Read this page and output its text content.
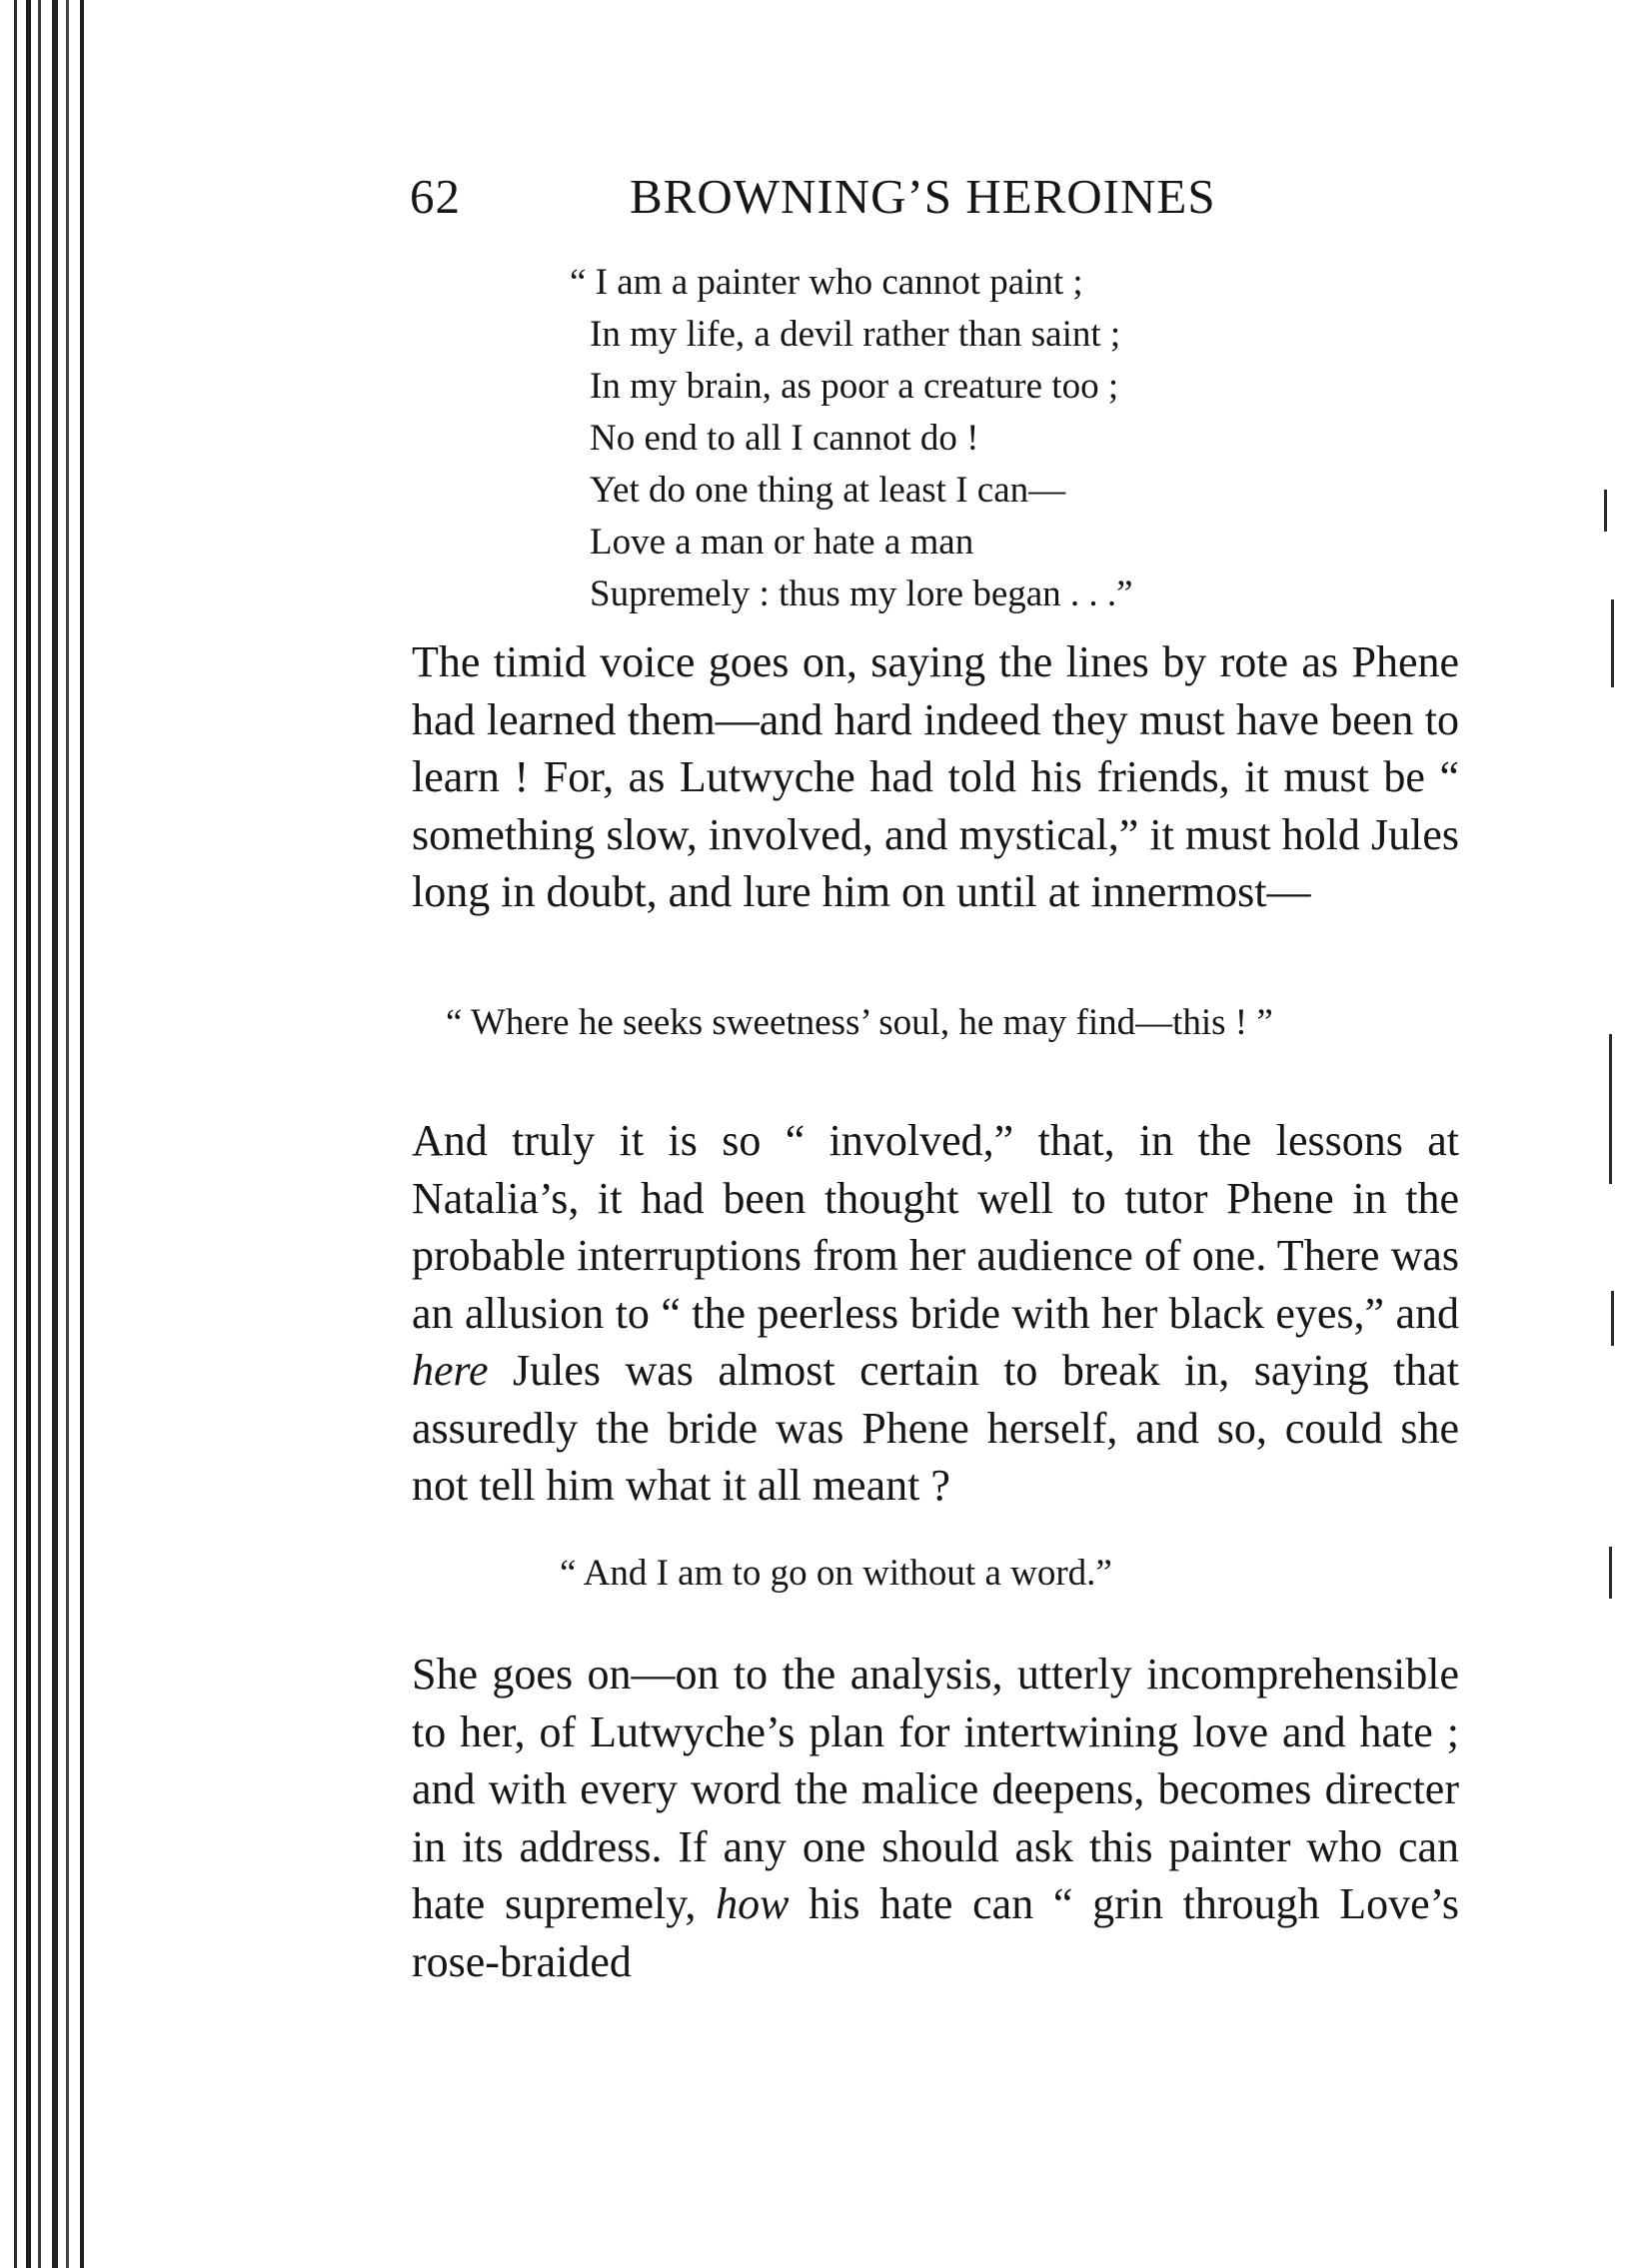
62	BROWNING’S HEROINES
“ I am a painter who cannot paint ;
In my life, a devil rather than saint ;
In my brain, as poor a creature too ;
No end to all I cannot do !
Yet do one thing at least I can—
Love a man or hate a man
Supremely : thus my lore began . . .”

The timid voice goes on, saying the lines by rote as Phene had learned them—and hard indeed they must have been to learn ! For, as Lutwyche had told his friends, it must be “ something slow, involved, and mystical,” it must hold Jules long in doubt, and lure him on until at innermost—

“ Where he seeks sweetness’ soul, he may find—this ! ”

And truly it is so “ involved,” that, in the lessons at Natalia’s, it had been thought well to tutor Phene in the probable interruptions from her audience of one. There was an allusion to “ the peerless bride with her black eyes,” and here Jules was almost certain to break in, saying that assuredly the bride was Phene herself, and so, could she not tell him what it all meant ?

“ And I am to go on without a word.”

She goes on—on to the analysis, utterly incomprehensible to her, of Lutwyche’s plan for intertwining love and hate ; and with every word the malice deepens, becomes directer in its address. If any one should ask this painter who can hate supremely, how his hate can “ grin through Love’s rose-braided
